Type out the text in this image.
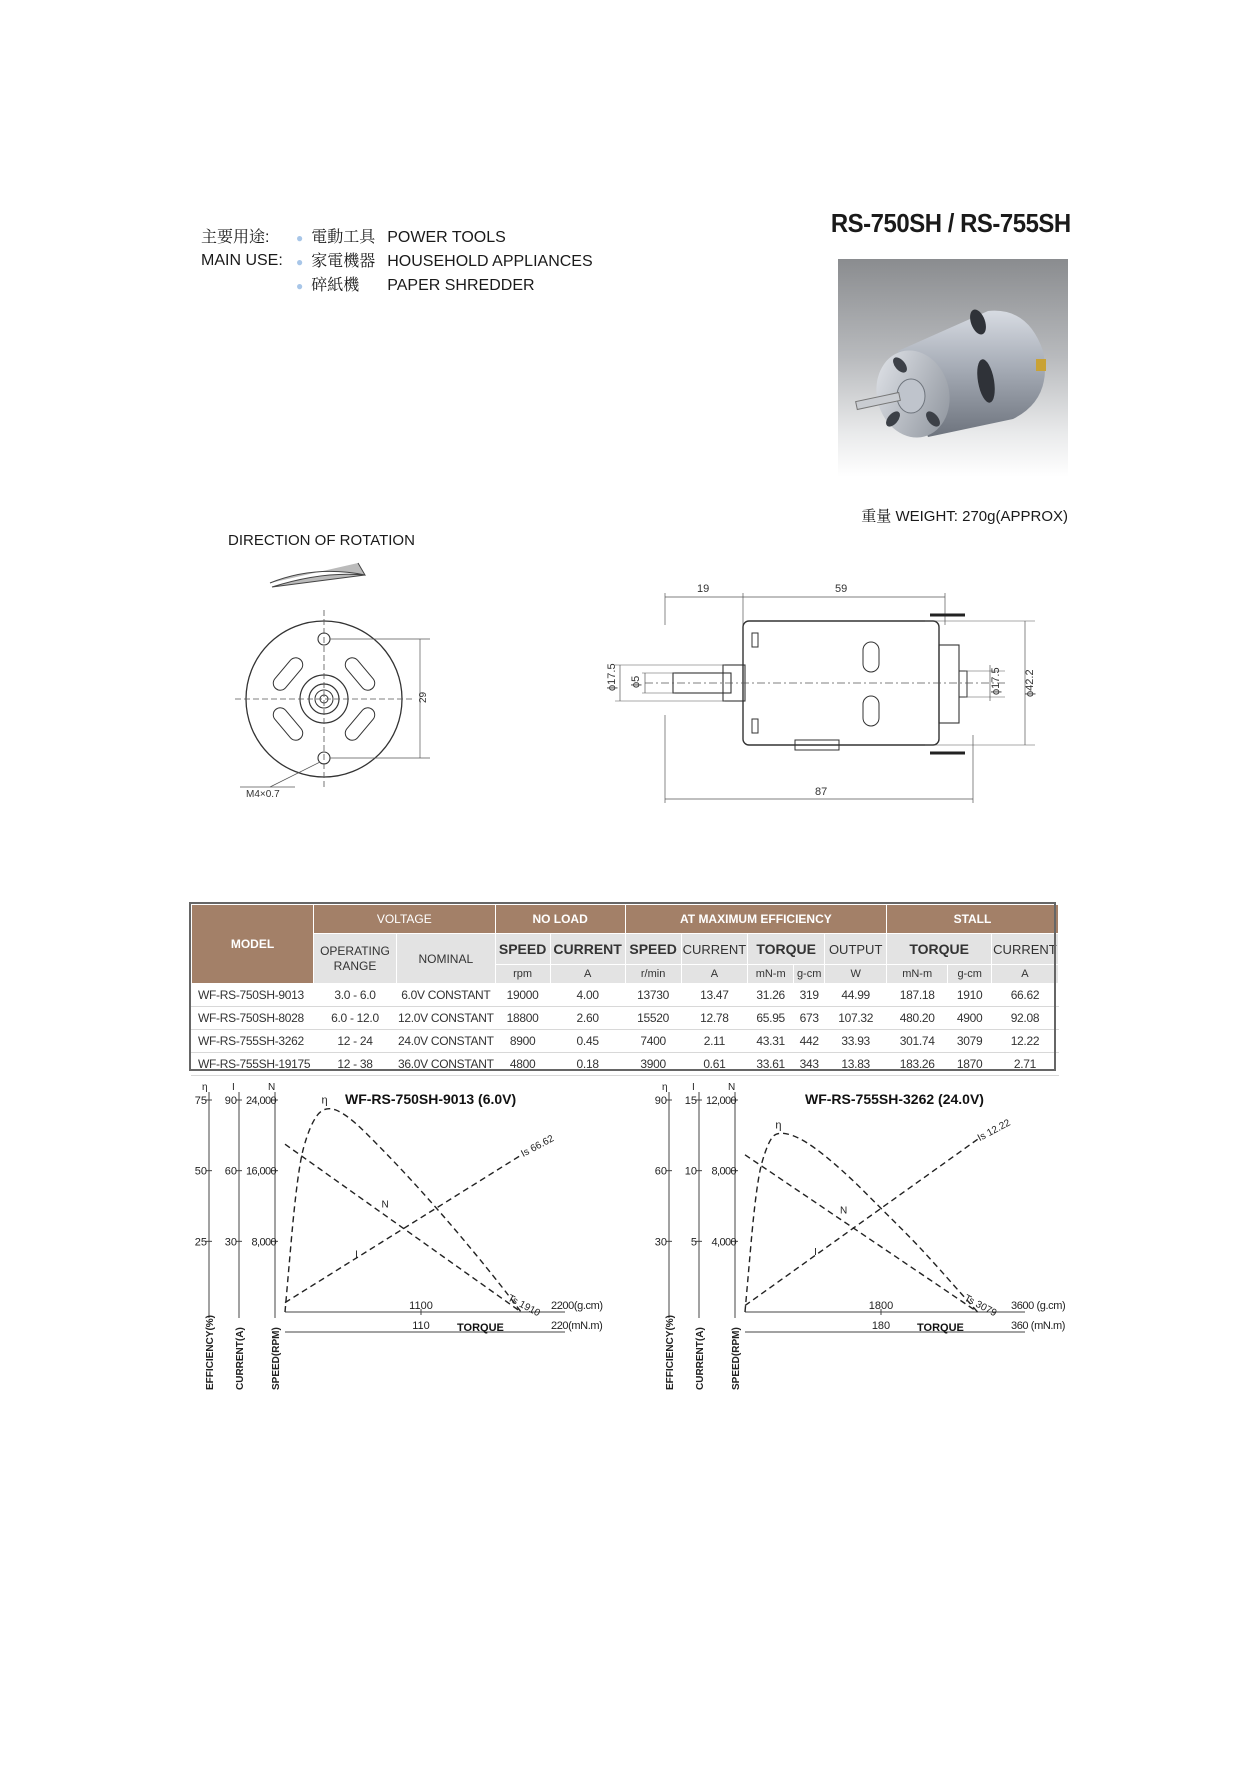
主要用途:
MAIN USE:
● 電動工具 POWER TOOLS
● 家電機器 HOUSEHOLD APPLIANCES
● 碎紙機 PAPER SHREDDER
RS-750SH / RS-755SH
重量 WEIGHT: 270g(APPROX)
DIRECTION OF ROTATION
29
M4×0.7
19	59
ϕ17.5 ϕ5	ϕ17.5 ϕ42.2
87
MODEL	VOLTAGE		NO LOAD		AT MAXIMUM EFFICIENCY					STALL		
	OPERATING RANGE	NOMINAL	SPEED	CURRENT	SPEED	CURRENT	TORQUE		OUTPUT	TORQUE		CURRENT
			rpm	A	r/min	A	mN-m	g-cm	W	mN-m	g-cm	A
WF-RS-750SH-9013	3.0 - 6.0	6.0V CONSTANT	19000	4.00	13730	13.47	31.26	319	44.99	187.18	1910	66.62
WF-RS-750SH-8028	6.0 - 12.0	12.0V CONSTANT	18800	2.60	15520	12.78	65.95	673	107.32	480.20	4900	92.08
WF-RS-755SH-3262	12 - 24	24.0V CONSTANT	8900	0.45	7400	2.11	43.31	442	33.93	301.74	3079	12.22
WF-RS-755SH-19175	12 - 38	36.0V CONSTANT	4800	0.18	3900	0.61	33.61	343	13.83	183.26	1870	2.71
η I	N
75 90 24,000
50 60 16,000
25 30 8,000
EFFICIENCY(%) CURRENT(A)	SPEED(RPM)
WF-RS-750SH-9013 (6.0V)
1100
110
2200(g.cm)
220(mN.m)
TORQUE
η
N
I
Is 66.62
Ts 1910
η I	N
90 15 12,000
60 10 8,000
30 5 4,000
EFFICIENCY(%) CURRENT(A)	SPEED(RPM)
WF-RS-755SH-3262 (24.0V)
1800
180
3600 (g.cm)
360 (mN.m)
TORQUE
η
N
I
Is 12.22
Ts 3079
